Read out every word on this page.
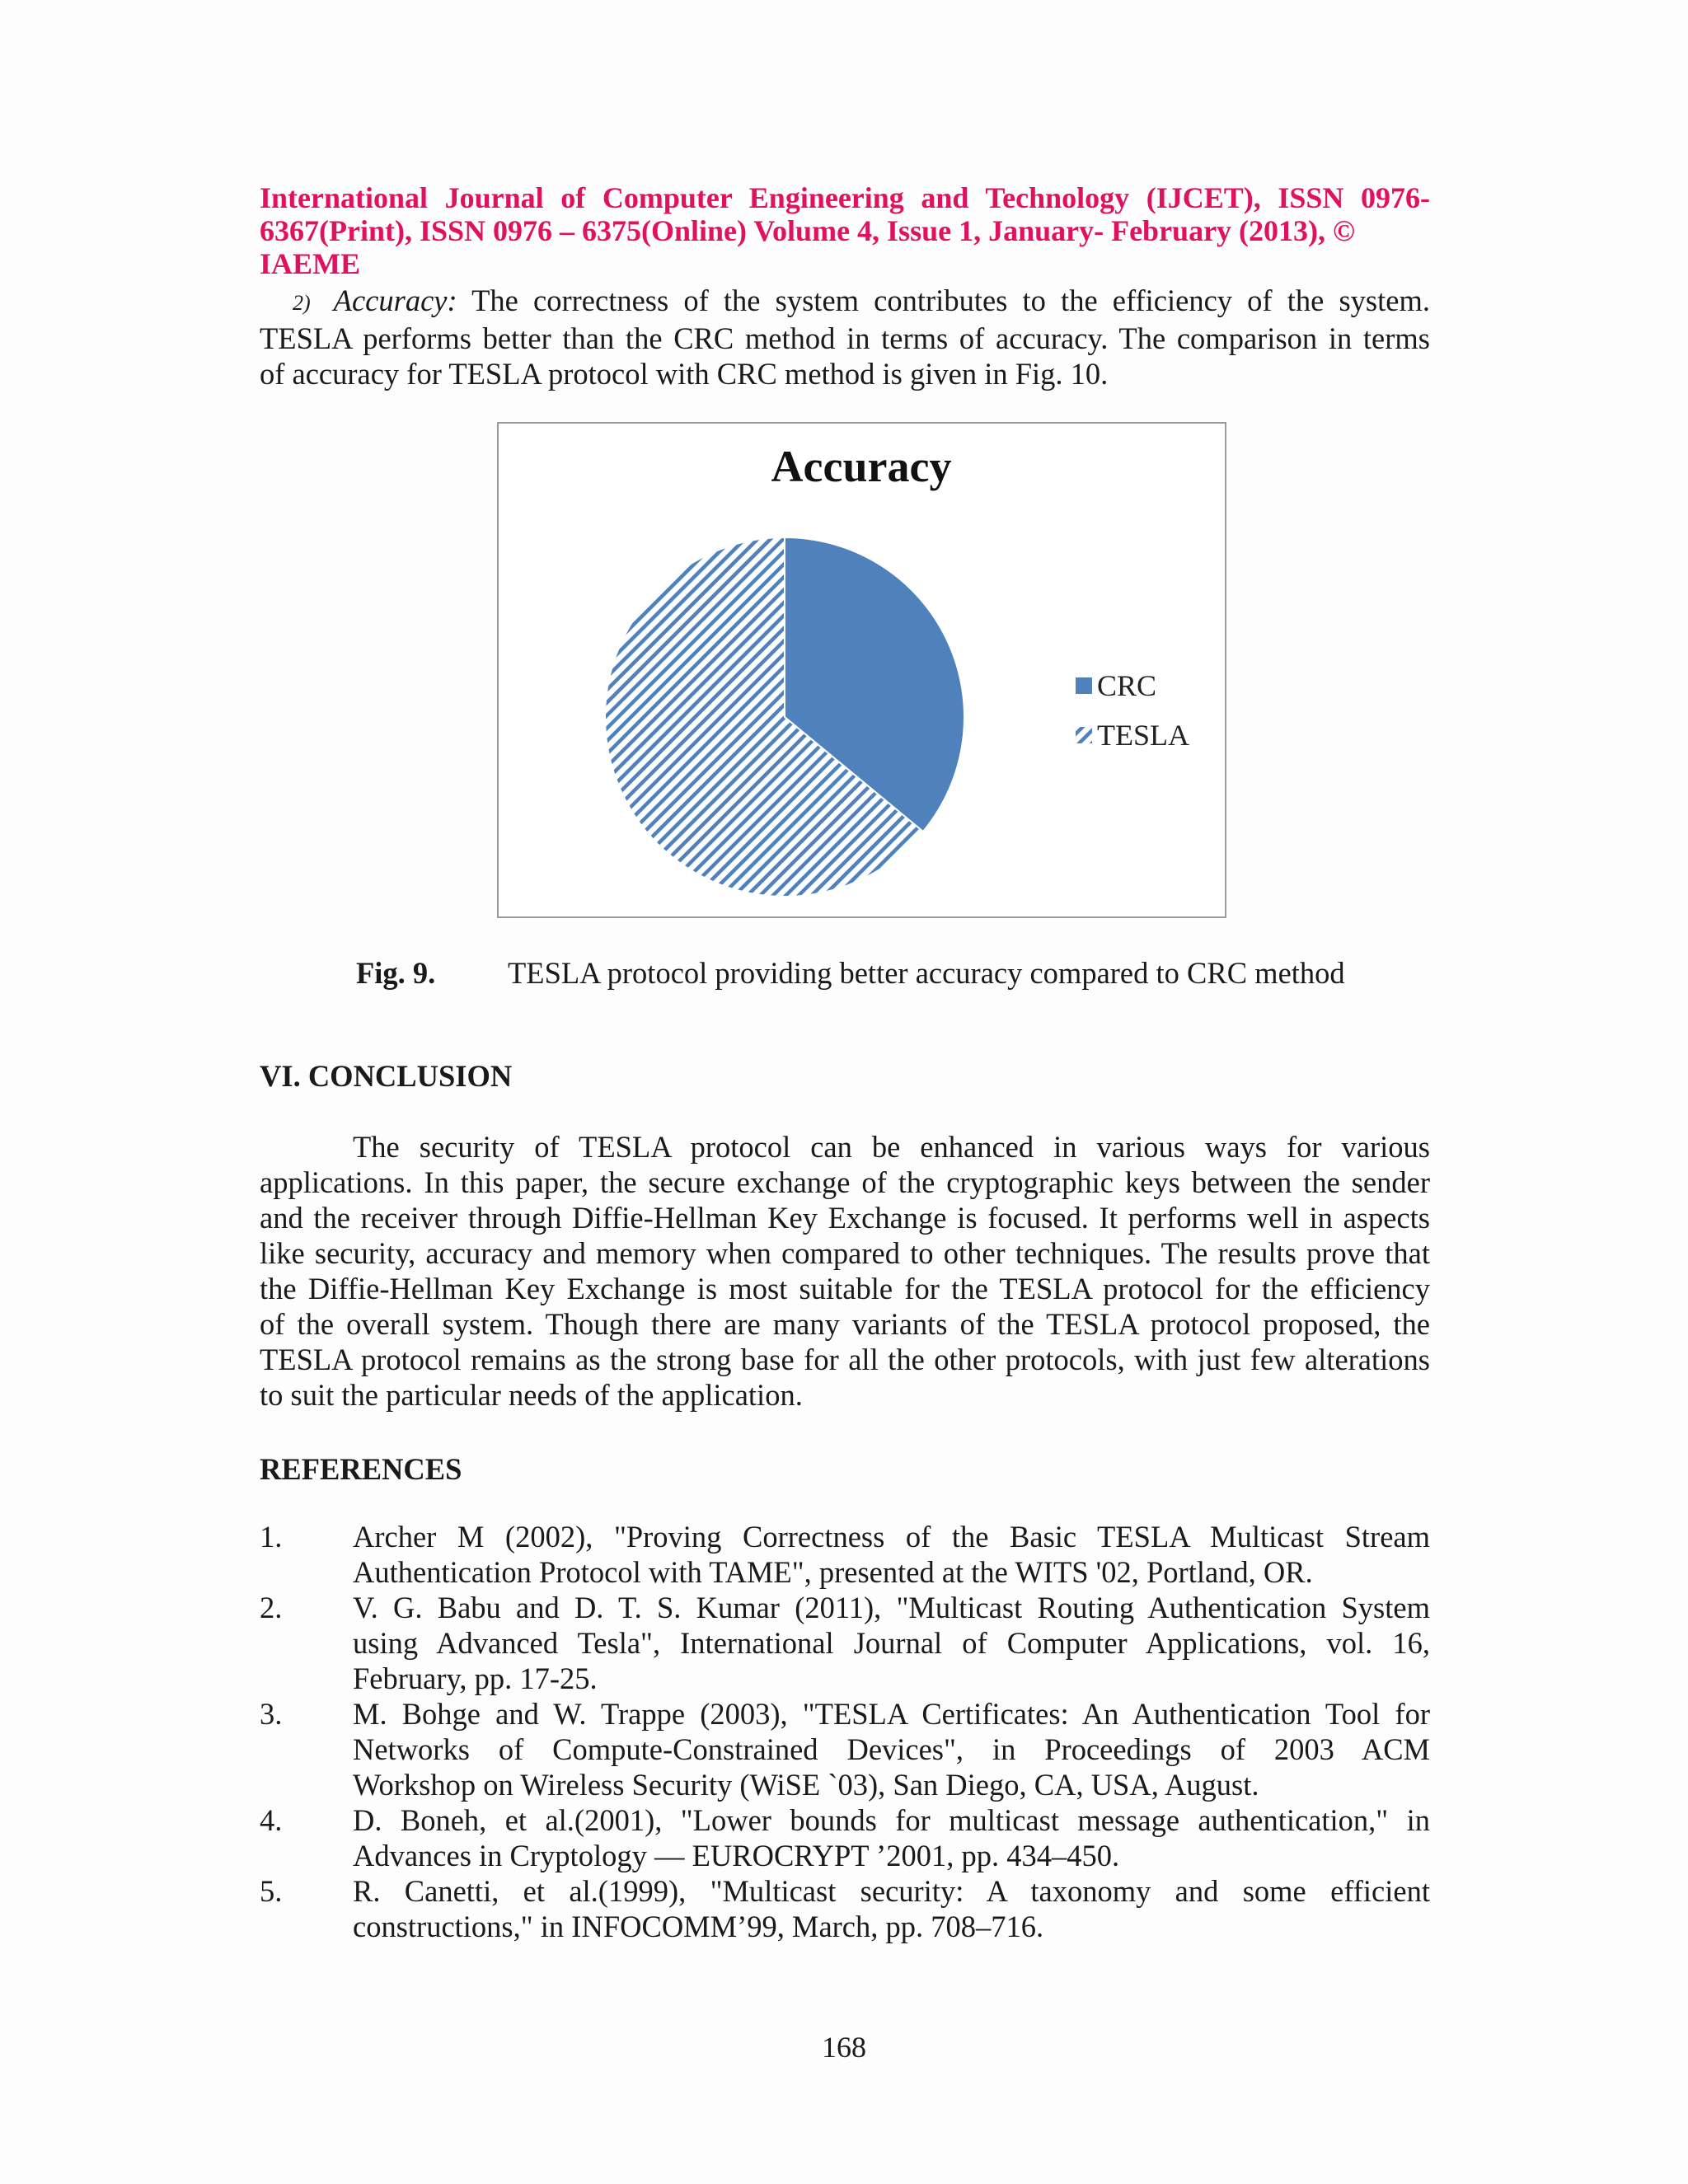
International Journal of Computer Engineering and Technology (IJCET), ISSN 0976-
6367(Print), ISSN 0976 – 6375(Online) Volume 4, Issue 1, January- February (2013), © IAEME
2) Accuracy: The correctness of the system contributes to the efficiency of the system.
TESLA performs better than the CRC method in terms of accuracy. The comparison in terms
of accuracy for TESLA protocol with CRC method is given in Fig. 10.
Accuracy
CRC
TESLA
Fig. 9. TESLA protocol providing better accuracy compared to CRC method
VI. CONCLUSION
The security of TESLA protocol can be enhanced in various ways for various
applications. In this paper, the secure exchange of the cryptographic keys between the sender
and the receiver through Diffie-Hellman Key Exchange is focused. It performs well in aspects
like security, accuracy and memory when compared to other techniques. The results prove that
the Diffie-Hellman Key Exchange is most suitable for the TESLA protocol for the efficiency
of the overall system. Though there are many variants of the TESLA protocol proposed, the
TESLA protocol remains as the strong base for all the other protocols, with just few alterations
to suit the particular needs of the application.
REFERENCES
1. Archer M (2002), "Proving Correctness of the Basic TESLA Multicast Stream
Authentication Protocol with TAME", presented at the WITS '02, Portland, OR.
2. V. G. Babu and D. T. S. Kumar (2011), "Multicast Routing Authentication System
using Advanced Tesla", International Journal of Computer Applications, vol. 16,
February, pp. 17-25.
3. M. Bohge and W. Trappe (2003), "TESLA Certificates: An Authentication Tool for
Networks of Compute-Constrained Devices", in Proceedings of 2003 ACM
Workshop on Wireless Security (WiSE `03), San Diego, CA, USA, August.
4. D. Boneh, et al.(2001), "Lower bounds for multicast message authentication," in
Advances in Cryptology — EUROCRYPT ’2001, pp. 434–450.
5. R. Canetti, et al.(1999), "Multicast security: A taxonomy and some efficient
constructions," in INFOCOMM’99, March, pp. 708–716.
168
